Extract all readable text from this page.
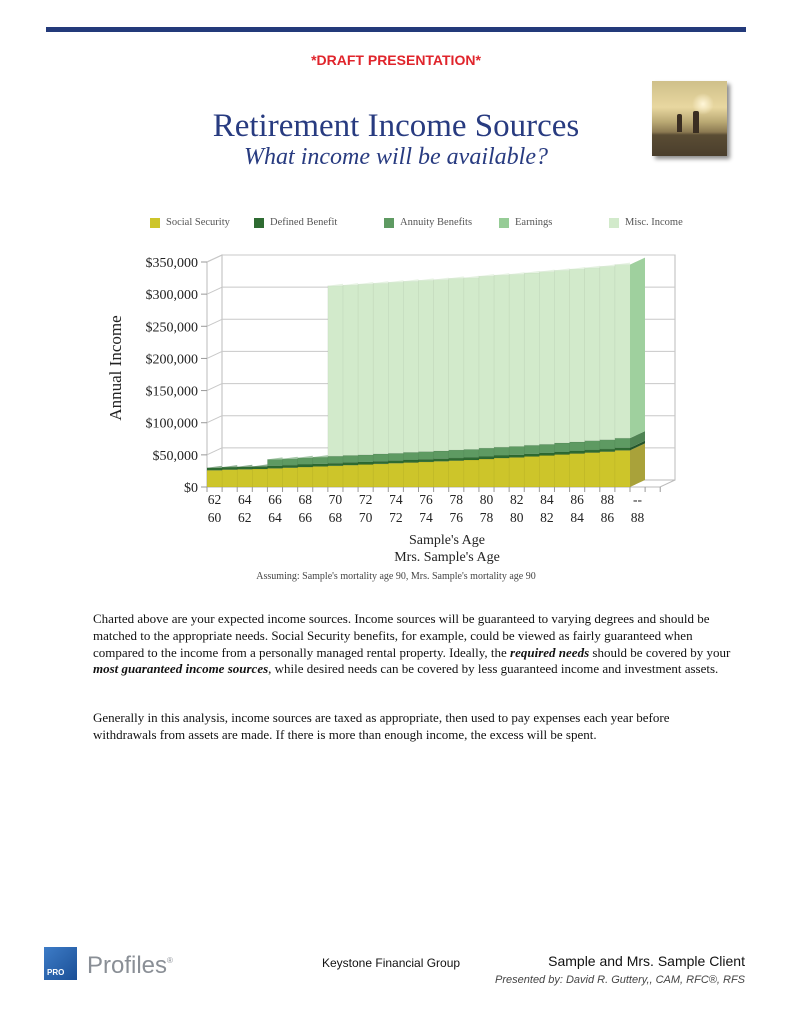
*DRAFT PRESENTATION*
Retirement Income Sources
What income will be available?
Social Security	Defined Benefit	Annuity Benefits	Earnings	Misc. Income
$0
$50,000
$100,000
$150,000
$200,000
$250,000
$300,000
$350,000
Annual Income
62
60
64
62
66
64
68
66
70
68
72
70
74
72
76
74
78
76
80
78
82
80
84
82
86
84
88
86
--
88
Sample's Age
Mrs. Sample's Age
Assuming: Sample's mortality age 90, Mrs. Sample's mortality age 90
Charted above are your expected income sources. Income sources will be guaranteed to varying degrees and should be matched to the appropriate needs. Social Security benefits, for example, could be viewed as fairly guaranteed when compared to the income from a personally managed rental property. Ideally, the required needs should be covered by your most guaranteed income sources, while desired needs can be covered by less guaranteed income and investment assets.
Generally in this analysis, income sources are taxed as appropriate, then used to pay expenses each year before withdrawals from assets are made. If there is more than enough income, the excess will be spent.
PRO Profiles®	Keystone Financial Group	Sample and Mrs. Sample Client
Presented by: David R. Guttery,, CAM, RFC®, RFS
